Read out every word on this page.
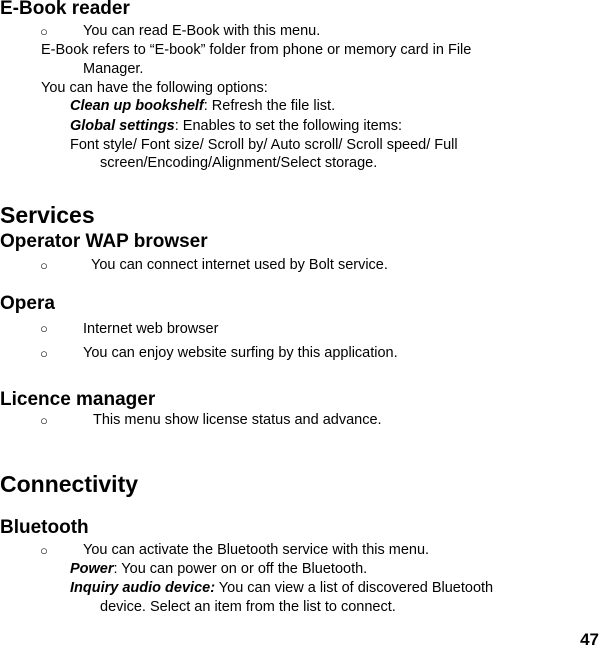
E-Book reader
○ You can read E-Book with this menu.
E-Book refers to “E-book” folder from phone or memory card in File
Manager.
You can have the following options:
Clean up bookshelf: Refresh the file list.
Global settings: Enables to set the following items:
Font style/ Font size/ Scroll by/ Auto scroll/ Scroll speed/ Full
screen/Encoding/Alignment/Select storage.
Services
Operator WAP browser
○	You can connect internet used by Bolt service.
Opera
○ Internet web browser
○ You can enjoy website surfing by this application.
Licence manager
○	This menu show license status and advance.
Connectivity
Bluetooth
○ You can activate the Bluetooth service with this menu.
Power: You can power on or off the Bluetooth.
Inquiry audio device: You can view a list of discovered Bluetooth
device. Select an item from the list to connect.
47
